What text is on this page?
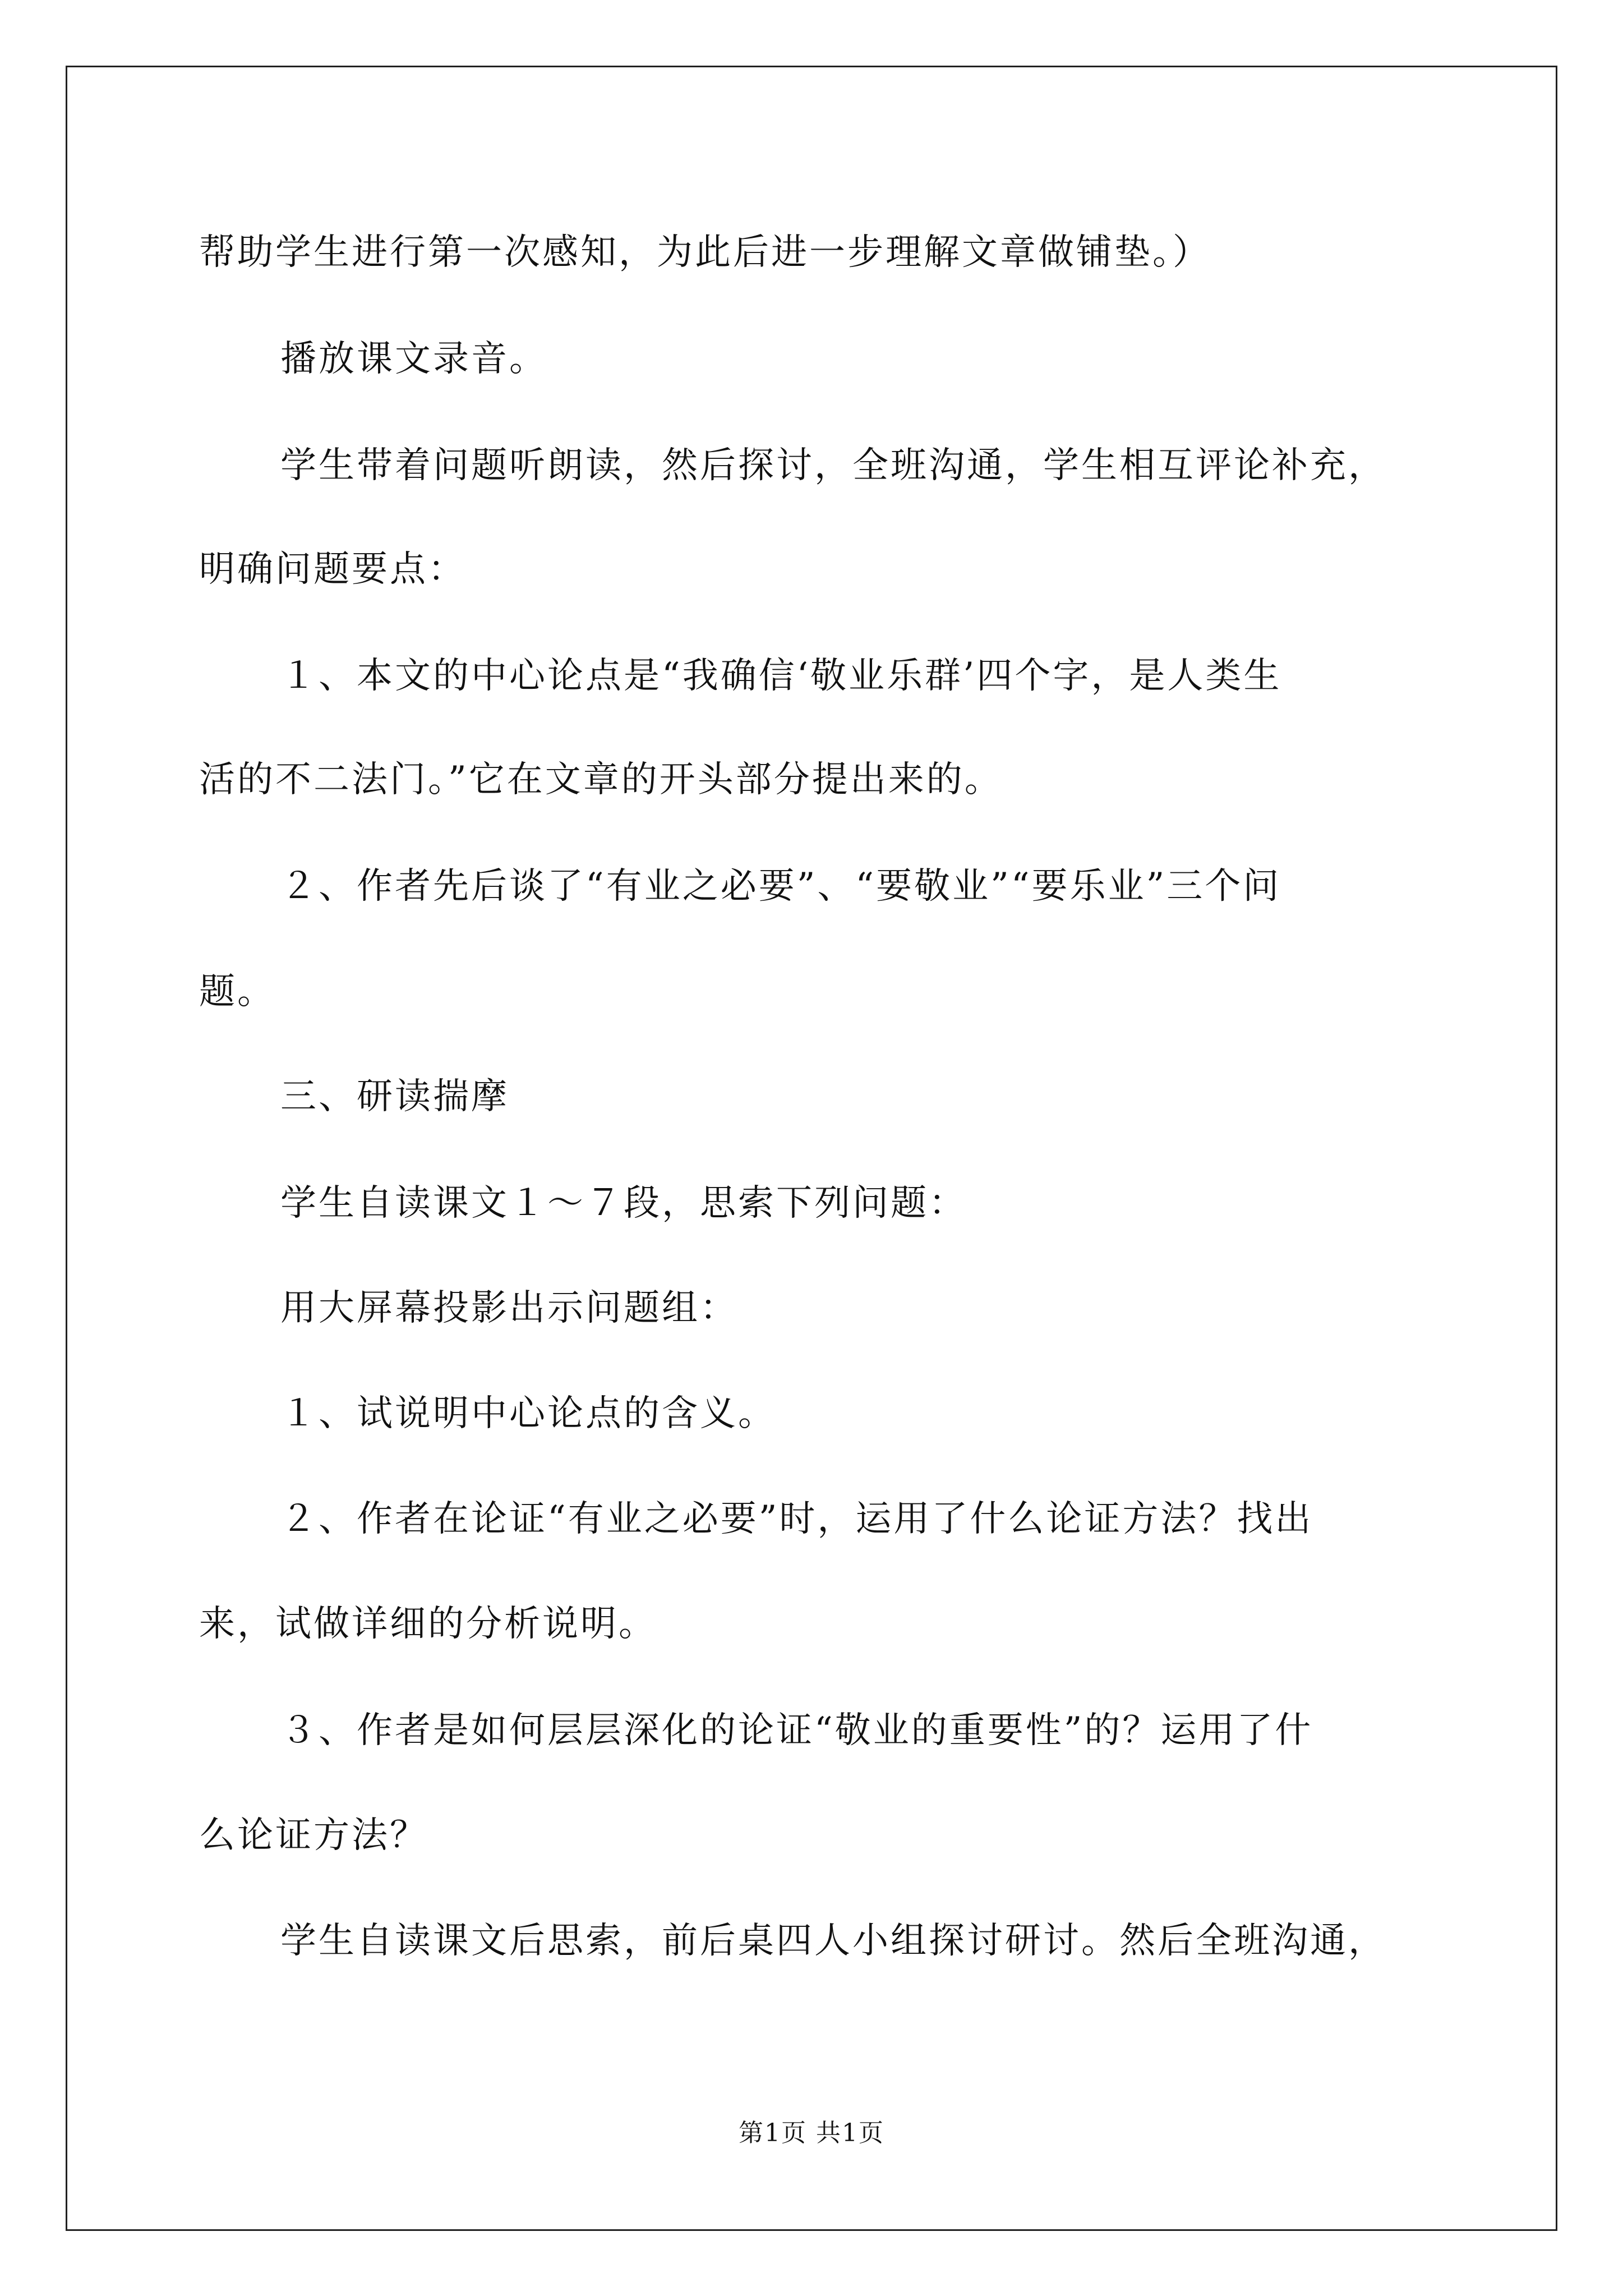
帮助学生进行第一次感知，为此后进一步理解文章做铺垫。）

播放课文录音。

学生带着问题听朗读，然后探讨，全班沟通，学生相互评论补充，

明确问题要点：

１、本文的中心论点是“我确信‘敬业乐群’四个字，是人类生

活的不二法门。”它在文章的开头部分提出来的。

２、作者先后谈了“有业之必要”、“要敬业”“要乐业”三个问

题。

三、研读揣摩

学生自读课文１～７段，思索下列问题：

用大屏幕投影出示问题组：

１、试说明中心论点的含义。

２、作者在论证“有业之必要”时，运用了什么论证方法？找出

来，试做详细的分析说明。

３、作者是如何层层深化的论证“敬业的重要性”的？运用了什

么论证方法？

学生自读课文后思索，前后桌四人小组探讨研讨。然后全班沟通，

第1页 共1页
